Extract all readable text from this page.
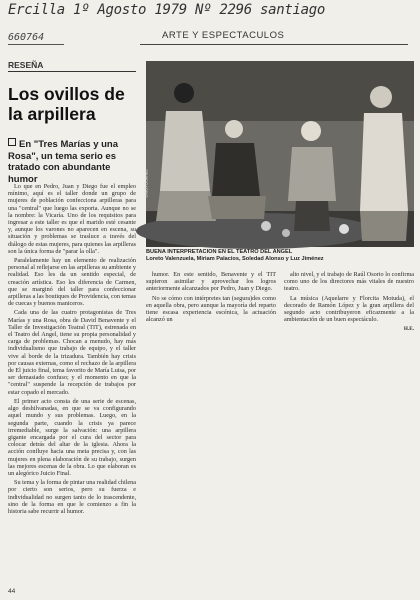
Ercilla 1º Agosto 1979 Nº 2296 santiago
660764	ARTE Y ESPECTACULOS
RESEÑA
Los ovillos de la arpillera
En "Tres Marías y una Rosa", un tema serio es tratado con abundante humor	Ulrich Duenas
BUENA INTERPRETACION EN EL TEATRO DEL ANGEL
Loreto Valenzuela, Miriam Palacios, Soledad Alonso y Luz Jiménez

Lo que en Pedro, Juan y Diego fue el empleo mínimo, aquí es el taller donde un grupo de mujeres de población confecciona arpilleras para una "central" que luego las exporta. Aunque no se la nombre: la Vicaría. Uno de los requisitos para ingresar a este taller es que el marido esté cesante y, aunque los varones no aparecen en escena, su situación y problemas se trasluce a través del diálogo de estas mujeres, para quienes las arpilleras son la única forma de "parar la olla".

Paralelamente hay un elemento de realización personal al reflejarse en las arpilleras su ambiente y realidad. Eso les da un sentido especial, de creación artística. Eso les diferencia de Carmen, que se marginó del taller para confeccionar arpilleras a las boutiques de Providencia, con temas de cuecas y buenos maniceros.

Cada una de las cuatro protagonistas de Tres Marías y una Rosa, obra de David Benavente y el Taller de Investigación Teatral (TIT), estrenada en el Teatro del Angel, tiene su propia personalidad y carga de problemas. Chocan a menudo, hay más individualismo que trabajo de equipo, y el taller vive al borde de la trizadura. También hay crisis por causas externas, como el rechazo de la arpillera de El juicio final, tema favorito de María Luisa, por ser demasiado confuso; y el momento en que la "central" suspende la recepción de trabajos por estar copado el mercado.

El primer acto consta de una serie de escenas, algo deshilvanadas, en que se va configurando aquel mundo y sus problemas. Luego, en la segunda parte, cuando la crisis ya parece irremediable, surge la salvación: una arpillera gigante encargada por el cura del sector para colocar detrás del altar de la iglesia. Ahora la acción confluye hacia una meta precisa y, con las mujeres en plena elaboración de su trabajo, surgen las mejores escenas de la obra. Lo que elaboran es un alegórico Juicio Final.

Su tema y la forma de pintar una realidad chilena por cierto son serios, pero su fuerza e individualidad no surgen tanto de lo trascendente, sino de la forma en que le comienzo a fin la historia sabe recurrir al humor.

humor. En este sentido, Benavente y el TIT supieron asimilar y aprovechar los logros anteriormente alcanzados por Pedro, Juan y Diego.

No se cómo con intérpretes tan (segura)des como en aquella obra, pero aunque la mayoría del reparto tiene escasa experiencia escénica, la actuación alcanzó un

alto nivel, y el trabajo de Raúl Osorio lo confirma como uno de los directores más vitales de nuestro teatro.

La música (Aquelarre y Florcita Motuda), el decorado de Ramón López y la gran arpillera del segundo acto contribuyeron eficazmente a la ambientación de un buen espectáculo.

H.E.
44
